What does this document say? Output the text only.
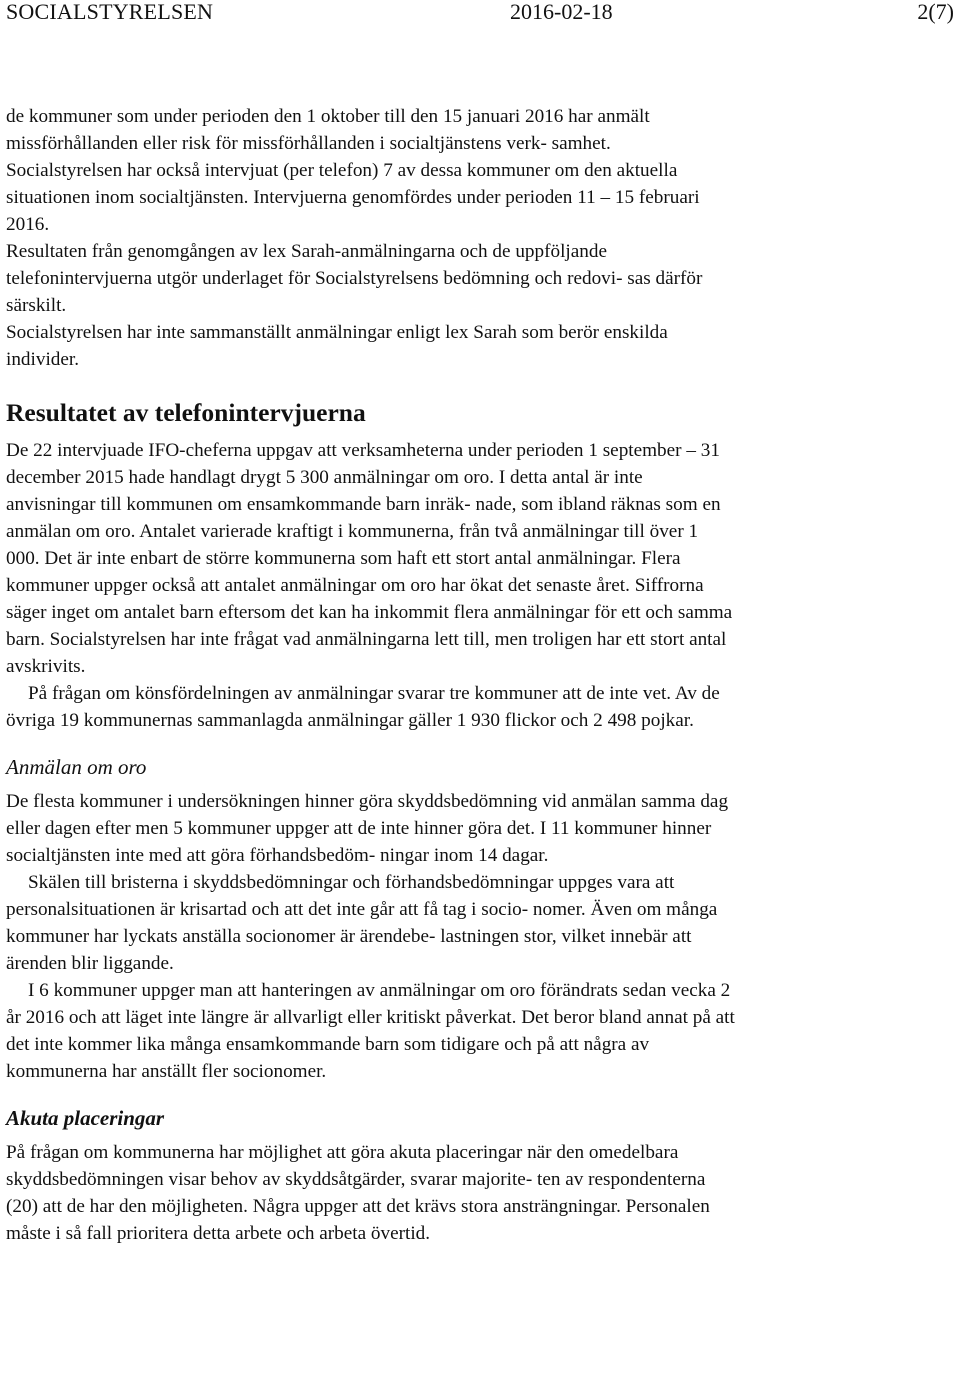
SOCIALSTYRELSEN	2016-02-18	2(7)

de kommuner som under perioden den 1 oktober till den 15 januari 2016 har anmält missförhållanden eller risk för missförhållanden i socialtjänstens verk- samhet.

Socialstyrelsen har också intervjuat (per telefon) 7 av dessa kommuner om den aktuella situationen inom socialtjänsten. Intervjuerna genomfördes under perioden 11 – 15 februari 2016.

Resultaten från genomgången av lex Sarah-anmälningarna och de uppföljande telefonintervjuerna utgör underlaget för Socialstyrelsens bedömning och redovi- sas därför särskilt.

Socialstyrelsen har inte sammanställt anmälningar enligt lex Sarah som berör enskilda individer.

Resultatet av telefonintervjuerna

De 22 intervjuade IFO-cheferna uppgav att verksamheterna under perioden 1 september – 31 december 2015 hade handlagt drygt 5 300 anmälningar om oro. I detta antal är inte anvisningar till kommunen om ensamkommande barn inräk- nade, som ibland räknas som en anmälan om oro. Antalet varierade kraftigt i kommunerna, från två anmälningar till över 1 000. Det är inte enbart de större kommunerna som haft ett stort antal anmälningar. Flera kommuner uppger också att antalet anmälningar om oro har ökat det senaste året. Siffrorna säger inget om antalet barn eftersom det kan ha inkommit flera anmälningar för ett och samma barn. Socialstyrelsen har inte frågat vad anmälningarna lett till, men troligen har ett stort antal avskrivits.

På frågan om könsfördelningen av anmälningar svarar tre kommuner att de inte vet. Av de övriga 19 kommunernas sammanlagda anmälningar gäller 1 930 flickor och 2 498 pojkar.

Anmälan om oro

De flesta kommuner i undersökningen hinner göra skyddsbedömning vid anmälan samma dag eller dagen efter men 5 kommuner uppger att de inte hinner göra det. I 11 kommuner hinner socialtjänsten inte med att göra förhandsbedöm- ningar inom 14 dagar.

Skälen till bristerna i skyddsbedömningar och förhandsbedömningar uppges vara att personalsituationen är krisartad och att det inte går att få tag i socio- nomer. Även om många kommuner har lyckats anställa socionomer är ärendebe- lastningen stor, vilket innebär att ärenden blir liggande.

I 6 kommuner uppger man att hanteringen av anmälningar om oro förändrats sedan vecka 2 år 2016 och att läget inte längre är allvarligt eller kritiskt påverkat. Det beror bland annat på att det inte kommer lika många ensamkommande barn som tidigare och på att några av kommunerna har anställt fler socionomer.

Akuta placeringar

På frågan om kommunerna har möjlighet att göra akuta placeringar när den omedelbara skyddsbedömningen visar behov av skyddsåtgärder, svarar majorite- ten av respondenterna (20) att de har den möjligheten. Några uppger att det krävs stora ansträngningar. Personalen måste i så fall prioritera detta arbete och arbeta övertid.
